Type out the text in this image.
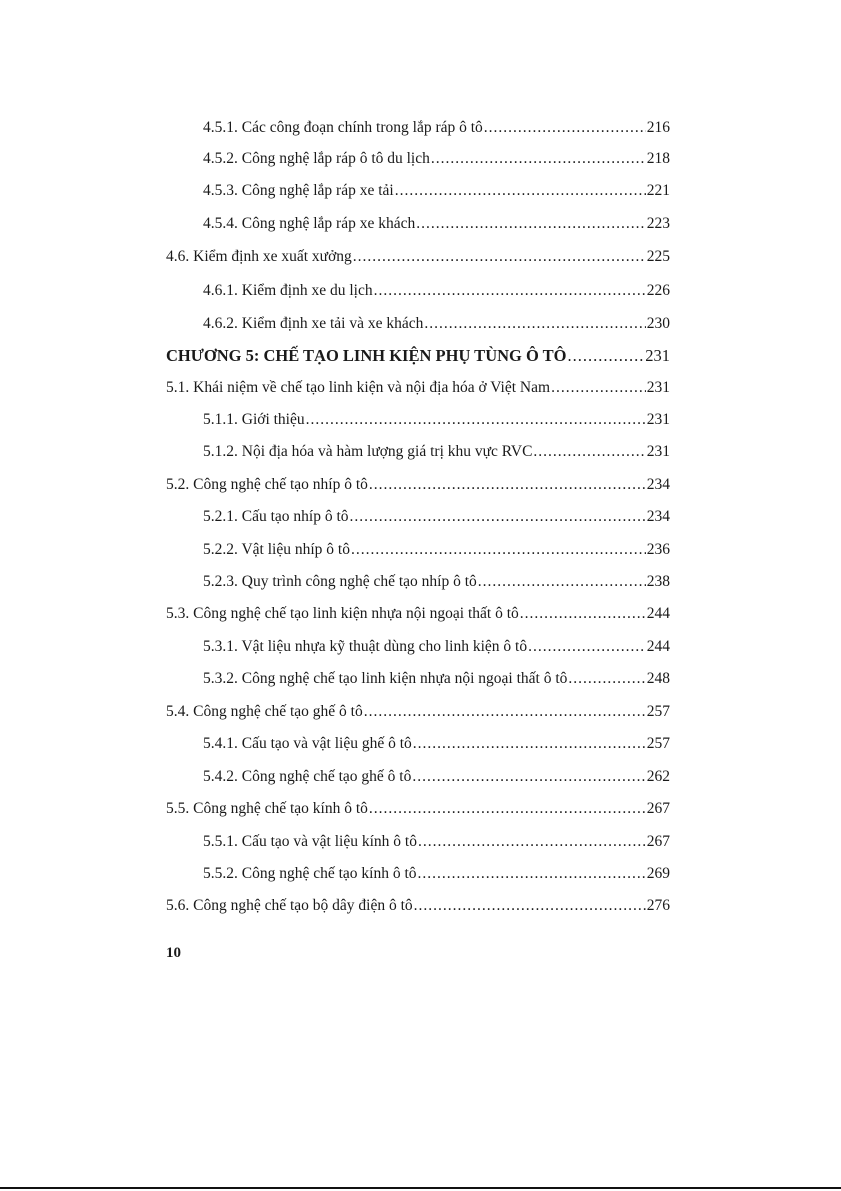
4.5.1. Các công đoạn chính trong lắp ráp ô tô .....	216
4.5.2. Công nghệ lắp ráp ô tô du lịch .....	218
4.5.3. Công nghệ lắp ráp xe tải .....	221
4.5.4. Công nghệ lắp ráp xe khách .....	223
4.6. Kiểm định xe xuất xưởng .....	225
4.6.1. Kiểm định xe du lịch .....	226
4.6.2. Kiểm định xe tải và xe khách .....	230
CHƯƠNG 5: CHẾ TẠO LINH KIỆN PHỤ TÙNG Ô TÔ .....	231
5.1. Khái niệm về chế tạo linh kiện và nội địa hóa ở Việt Nam .....	231
5.1.1. Giới thiệu .....	231
5.1.2. Nội địa hóa và hàm lượng giá trị khu vực RVC .....	231
5.2. Công nghệ chế tạo nhíp ô tô .....	234
5.2.1. Cấu tạo nhíp ô tô .....	234
5.2.2. Vật liệu nhíp ô tô .....	236
5.2.3. Quy trình công nghệ chế tạo nhíp ô tô .....	238
5.3. Công nghệ chế tạo linh kiện nhựa nội ngoại thất ô tô .....	244
5.3.1. Vật liệu nhựa kỹ thuật dùng cho linh kiện ô tô .....	244
5.3.2. Công nghệ chế tạo linh kiện nhựa nội ngoại thất ô tô .....	248
5.4. Công nghệ chế tạo ghế ô tô .....	257
5.4.1. Cấu tạo và vật liệu ghế ô tô .....	257
5.4.2. Công nghệ chế tạo ghế ô tô .....	262
5.5. Công nghệ chế tạo kính ô tô .....	267
5.5.1. Cấu tạo và vật liệu kính ô tô .....	267
5.5.2. Công nghệ chế tạo kính ô tô .....	269
5.6. Công nghệ chế tạo bộ dây điện ô tô .....	276
10
